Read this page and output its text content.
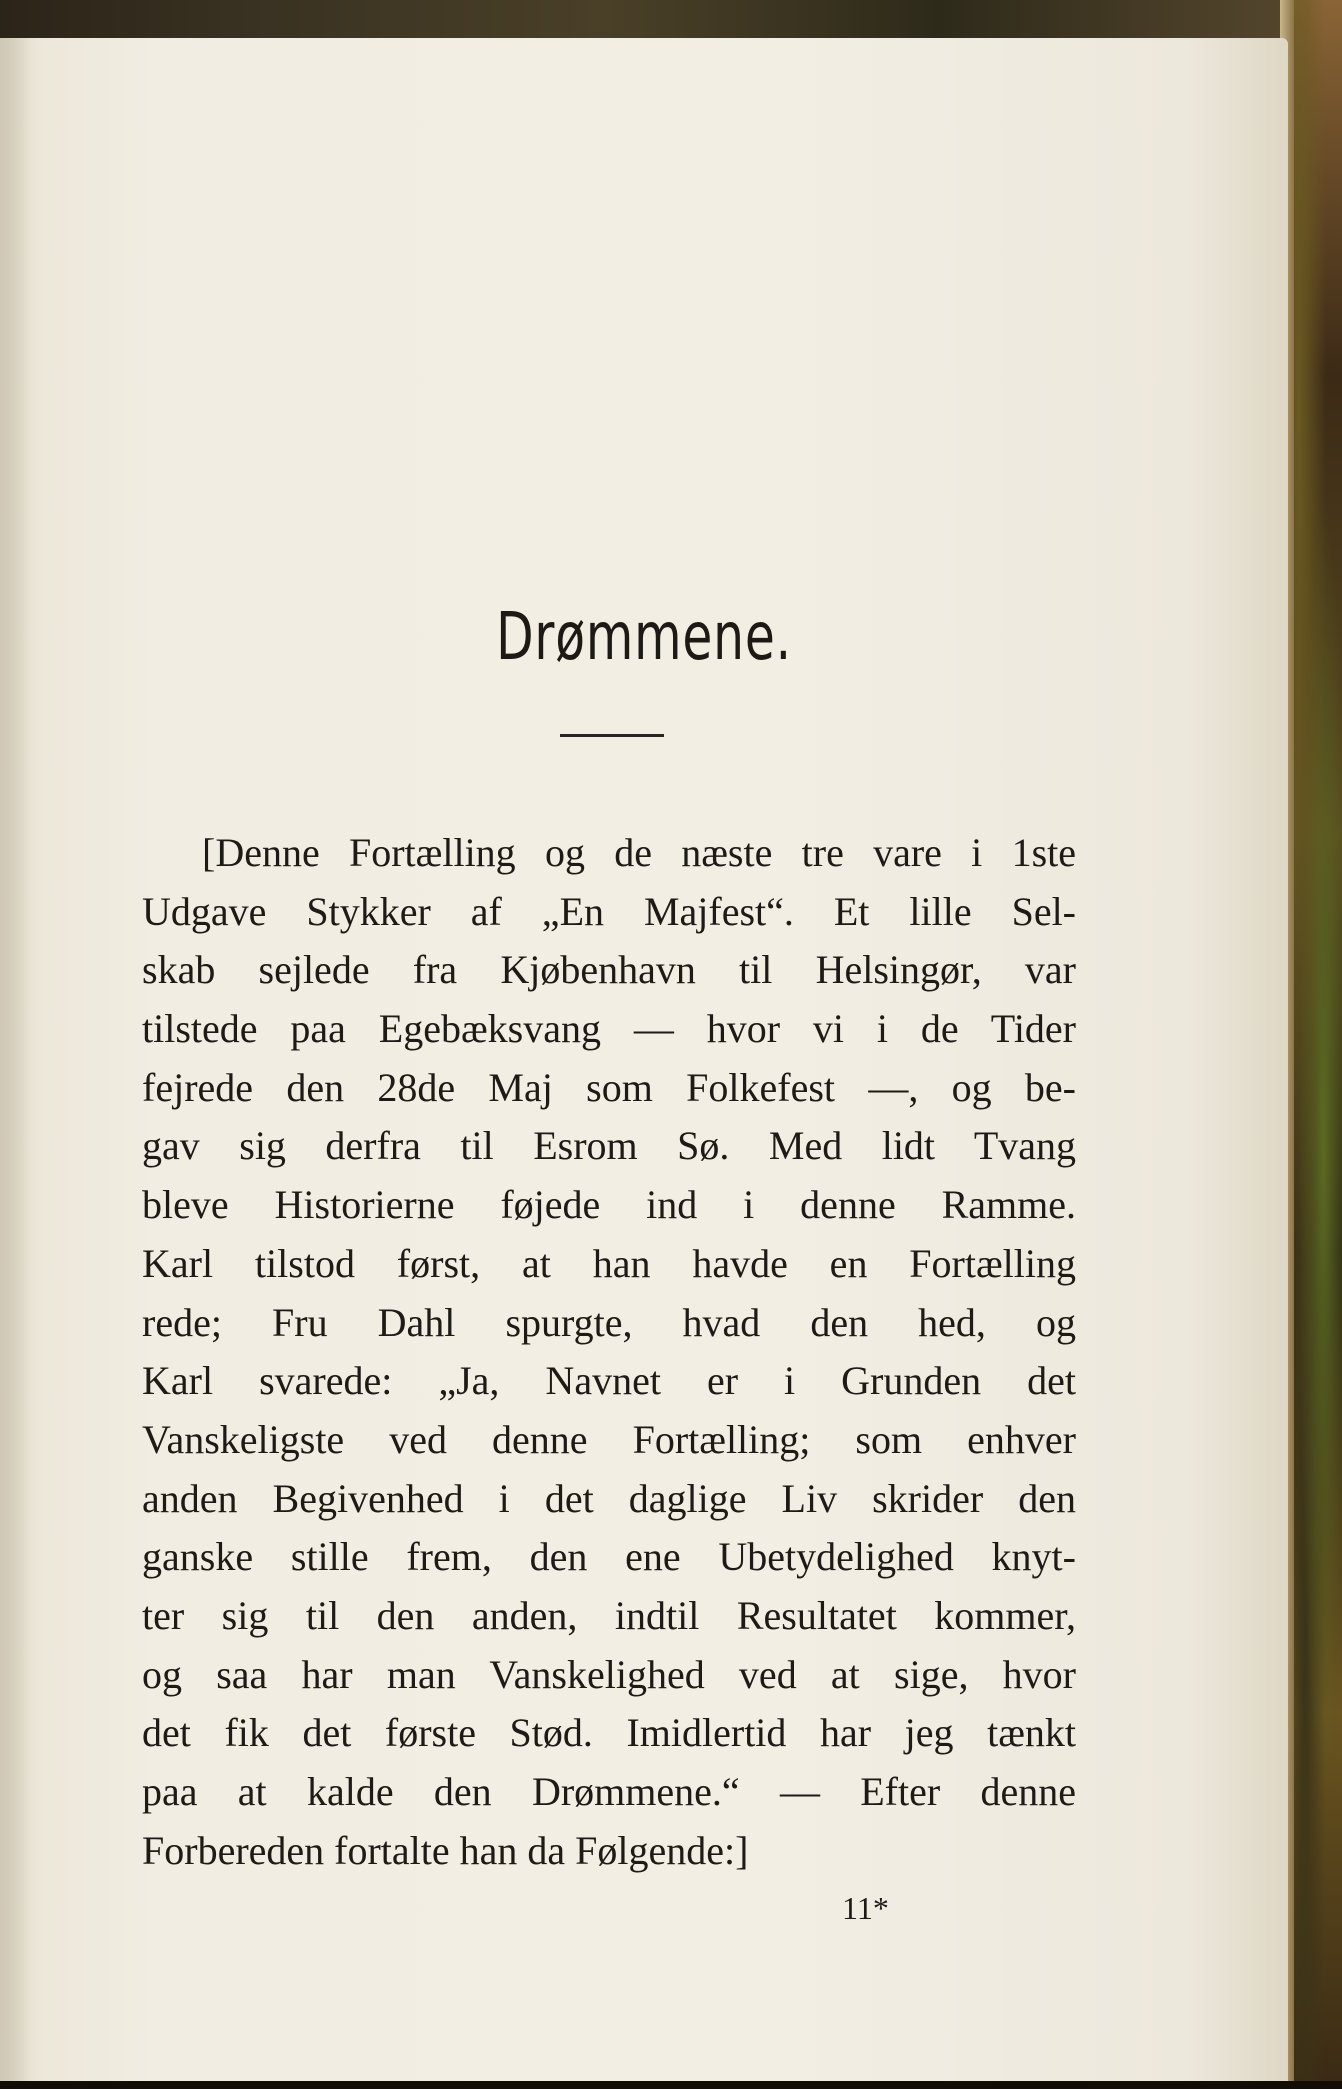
Drømmene.
[Denne Fortælling og de næste tre vare i 1ste
Udgave Stykker af „En Majfest“. Et lille Sel-
skab sejlede fra Kjøbenhavn til Helsingør, var
tilstede paa Egebæksvang — hvor vi i de Tider
fejrede den 28de Maj som Folkefest —, og be-
gav sig derfra til Esrom Sø. Med lidt Tvang
bleve Historierne føjede ind i denne Ramme.
Karl tilstod først, at han havde en Fortælling
rede; Fru Dahl spurgte, hvad den hed, og
Karl svarede: „Ja, Navnet er i Grunden det
Vanskeligste ved denne Fortælling; som enhver
anden Begivenhed i det daglige Liv skrider den
ganske stille frem, den ene Ubetydelighed knyt-
ter sig til den anden, indtil Resultatet kommer,
og saa har man Vanskelighed ved at sige, hvor
det fik det første Stød. Imidlertid har jeg tænkt
paa at kalde den Drømmene.“ — Efter denne
Forbereden fortalte han da Følgende:]
11*
